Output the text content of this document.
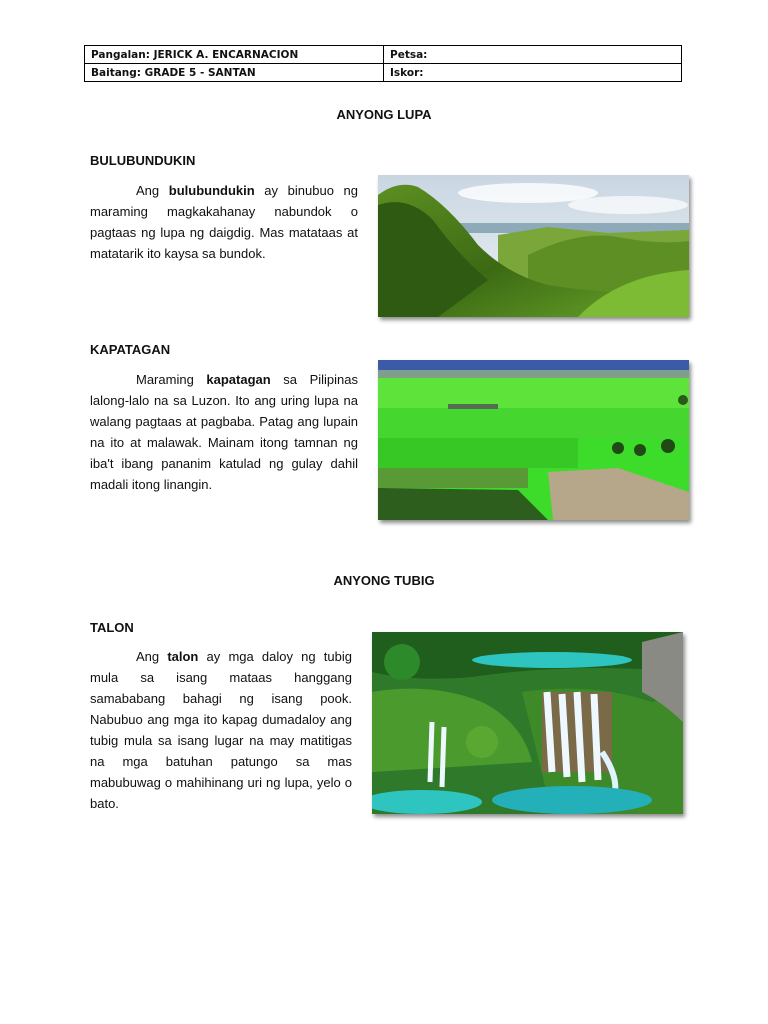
Pangalan: JERICK A. ENCARNACION	Petsa:
Baitang: GRADE 5 - SANTAN	Iskor:
ANYONG LUPA
BULUBUNDUKIN

Ang bulubundukin ay binubuo ng maraming magkakahanay nabundok o pagtaas ng lupa ng daigdig. Mas matataas at matatarik ito kaysa sa bundok.

KAPATAGAN

Maraming kapatagan sa Pilipinas lalong-lalo na sa Luzon. Ito ang uring lupa na walang pagtaas at pagbaba. Patag ang lupain na ito at malawak. Mainam itong tamnan ng iba't ibang pananim katulad ng gulay dahil madali itong linangin.

ANYONG TUBIG
TALON

Ang talon ay mga daloy ng tubig mula sa isang mataas hanggang samababang bahagi ng isang pook. Nabubuo ang mga ito kapag dumadaloy ang tubig mula sa isang lugar na may matitigas na mga batuhan patungo sa mas mabubuwag o mahihinang uri ng lupa, yelo o bato.
